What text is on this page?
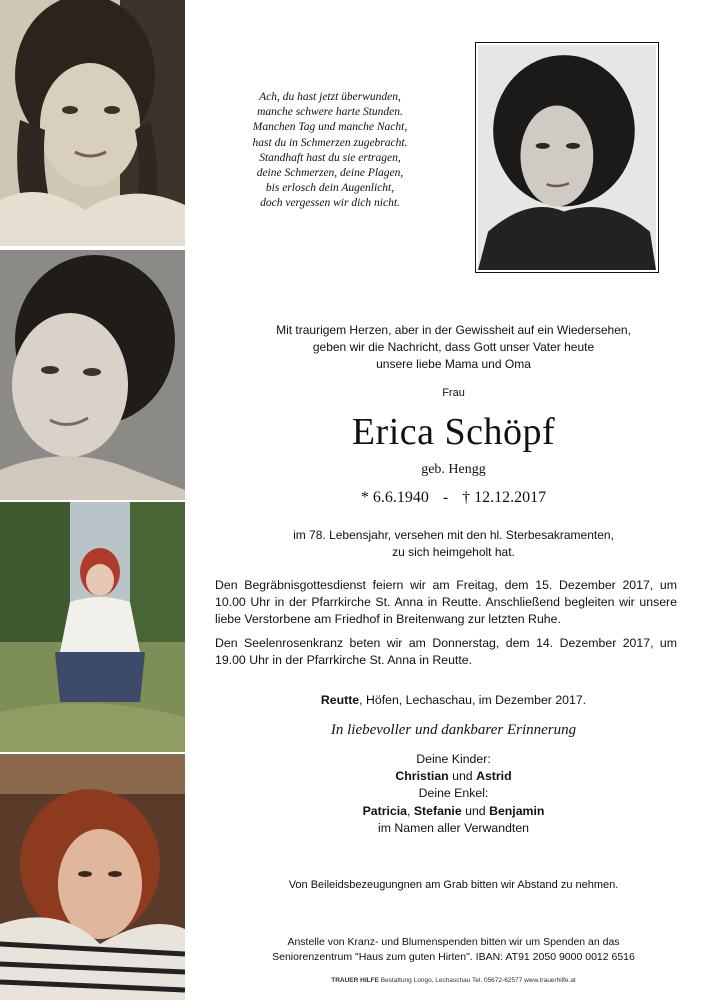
Ach, du hast jetzt überwunden,
manche schwere harte Stunden.
Manchen Tag und manche Nacht,
hast du in Schmerzen zugebracht.
Standhaft hast du sie ertragen,
deine Schmerzen, deine Plagen,
bis erlosch dein Augenlicht,
doch vergessen wir dich nicht.
Mit traurigem Herzen, aber in der Gewissheit auf ein Wiedersehen,
geben wir die Nachricht, dass Gott unser Vater heute
unsere liebe Mama und Oma
Frau
Erica Schöpf
geb. Hengg
* 6.6.1940 - † 12.12.2017
im 78. Lebensjahr, versehen mit den hl. Sterbesakramenten,
zu sich heimgeholt hat.
Den Begräbnisgottesdienst feiern wir am Freitag, dem 15. Dezember 2017, um 10.00 Uhr in der Pfarrkirche St. Anna in Reutte. Anschließend begleiten wir unsere liebe Verstorbene am Friedhof in Breitenwang zur letzten Ruhe.
Den Seelenrosenkranz beten wir am Donnerstag, dem 14. Dezember 2017, um 19.00 Uhr in der Pfarrkirche St. Anna in Reutte.
Reutte, Höfen, Lechaschau, im Dezember 2017.
In liebevoller und dankbarer Erinnerung
Deine Kinder:
Christian und Astrid
Deine Enkel:
Patricia, Stefanie und Benjamin
im Namen aller Verwandten
Von Beileidsbezeugungnen am Grab bitten wir Abstand zu nehmen.
Anstelle von Kranz- und Blumenspenden bitten wir um Spenden an das
Seniorenzentrum "Haus zum guten Hirten". IBAN: AT91 2050 9000 0012 6516
TRAUER HILFE Bestattung Longo, Lechaschau Tel. 05672-62577 www.trauerhilfe.at
